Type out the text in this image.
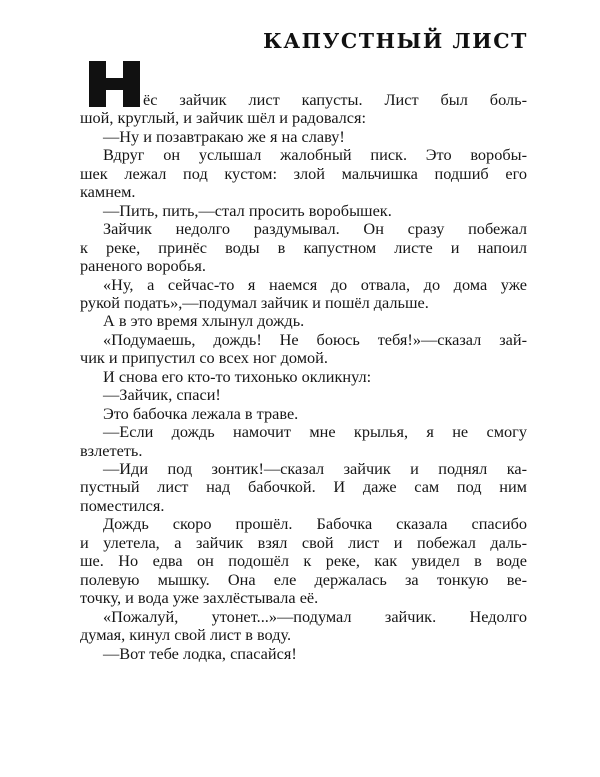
КАПУСТНЫЙ ЛИСТ
ёс зайчик лист капусты. Лист был боль-
шой, круглый, и зайчик шёл и радовался:
—Ну и позавтракаю же я на славу!
Вдруг он услышал жалобный писк. Это воробы-
шек лежал под кустом: злой мальчишка подшиб его
камнем.
—Пить, пить,—стал просить воробышек.
Зайчик недолго раздумывал. Он сразу побежал
к реке, принёс воды в капустном листе и напоил
раненого воробья.
«Ну, а сейчас-то я наемся до отвала, до дома уже
рукой подать»,—подумал зайчик и пошёл дальше.
А в это время хлынул дождь.
«Подумаешь, дождь! Не боюсь тебя!»—сказал зай-
чик и припустил со всех ног домой.
И снова его кто-то тихонько окликнул:
—Зайчик, спаси!
Это бабочка лежала в траве.
—Если дождь намочит мне крылья, я не смогу
взлететь.
—Иди под зонтик!—сказал зайчик и поднял ка-
пустный лист над бабочкой. И даже сам под ним
поместился.
Дождь скоро прошёл. Бабочка сказала спасибо
и улетела, а зайчик взял свой лист и побежал даль-
ше. Но едва он подошёл к реке, как увидел в воде
полевую мышку. Она еле держалась за тонкую ве-
точку, и вода уже захлёстывала её.
«Пожалуй, утонет...»—подумал зайчик. Недолго
думая, кинул свой лист в воду.
—Вот тебе лодка, спасайся!
